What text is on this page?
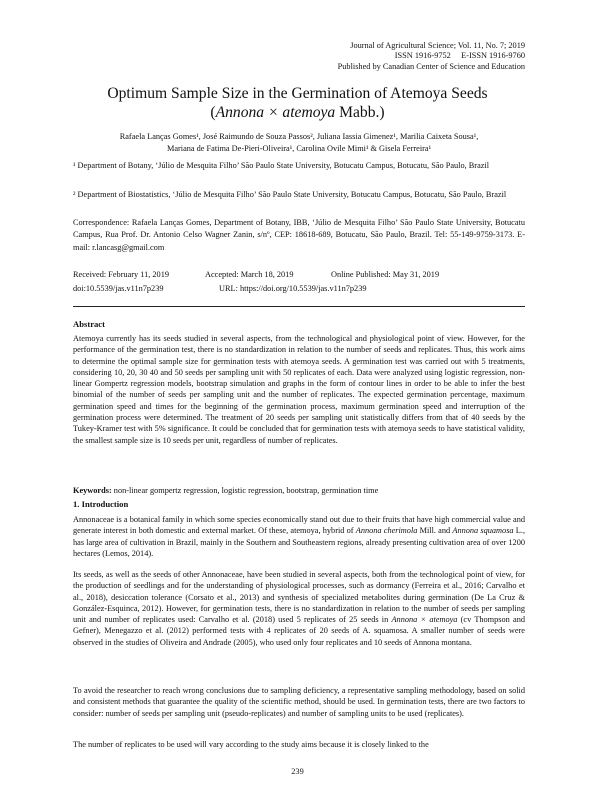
Journal of Agricultural Science; Vol. 11, No. 7; 2019
ISSN 1916-9752     E-ISSN 1916-9760
Published by Canadian Center of Science and Education
Optimum Sample Size in the Germination of Atemoya Seeds
(Annona × atemoya Mabb.)
Rafaela Lanças Gomes¹, José Raimundo de Souza Passos², Juliana Iassia Gimenez¹, Marilia Caixeta Sousa¹,
Mariana de Fatima De-Pieri-Oliveira¹, Carolina Ovile Mimi¹ & Gisela Ferreira¹
¹ Department of Botany, ‘Júlio de Mesquita Filho’ São Paulo State University, Botucatu Campus, Botucatu, São Paulo, Brazil
² Department of Biostatistics, ‘Júlio de Mesquita Filho’ São Paulo State University, Botucatu Campus, Botucatu, São Paulo, Brazil
Correspondence: Rafaela Lanças Gomes, Department of Botany, IBB, ‘Júlio de Mesquita Filho’ São Paulo State University, Botucatu Campus, Rua Prof. Dr. Antonio Celso Wagner Zanin, s/nº, CEP: 18618-689, Botucatu, São Paulo, Brazil. Tel: 55-149-9759-3173. E-mail: r.lancasg@gmail.com
Received: February 11, 2019	Accepted: March 18, 2019	Online Published: May 31, 2019
doi:10.5539/jas.v11n7p239	URL: https://doi.org/10.5539/jas.v11n7p239
Abstract
Atemoya currently has its seeds studied in several aspects, from the technological and physiological point of view. However, for the performance of the germination test, there is no standardization in relation to the number of seeds and replicates. Thus, this work aims to determine the optimal sample size for germination tests with atemoya seeds. A germination test was carried out with 5 treatments, considering 10, 20, 30 40 and 50 seeds per sampling unit with 50 replicates of each. Data were analyzed using logistic regression, non-linear Gompertz regression models, bootstrap simulation and graphs in the form of contour lines in order to be able to infer the best binomial of the number of seeds per sampling unit and the number of replicates. The expected germination percentage, maximum germination speed and times for the beginning of the germination process, maximum germination speed and interruption of the germination process were determined. The treatment of 20 seeds per sampling unit statistically differs from that of 40 seeds by the Tukey-Kramer test with 5% significance. It could be concluded that for germination tests with atemoya seeds to have statistical validity, the smallest sample size is 10 seeds per unit, regardless of number of replicates.
Keywords: non-linear gompertz regression, logistic regression, bootstrap, germination time
1. Introduction
Annonaceae is a botanical family in which some species economically stand out due to their fruits that have high commercial value and generate interest in both domestic and external market. Of these, atemoya, hybrid of Annona cherimola Mill. and Annona squamosa L., has large area of cultivation in Brazil, mainly in the Southern and Southeastern regions, already presenting cultivation area of over 1200 hectares (Lemos, 2014).
Its seeds, as well as the seeds of other Annonaceae, have been studied in several aspects, both from the technological point of view, for the production of seedlings and for the understanding of physiological processes, such as dormancy (Ferreira et al., 2016; Carvalho et al., 2018), desiccation tolerance (Corsato et al., 2013) and synthesis of specialized metabolites during germination (De La Cruz & González-Esquinca, 2012). However, for germination tests, there is no standardization in relation to the number of seeds per sampling unit and number of replicates used: Carvalho et al. (2018) used 5 replicates of 25 seeds in Annona × atemoya (cv Thompson and Gefner), Menegazzo et al. (2012) performed tests with 4 replicates of 20 seeds of A. squamosa. A smaller number of seeds were observed in the studies of Oliveira and Andrade (2005), who used only four replicates and 10 seeds of Annona montana.
To avoid the researcher to reach wrong conclusions due to sampling deficiency, a representative sampling methodology, based on solid and consistent methods that guarantee the quality of the scientific method, should be used. In germination tests, there are two factors to consider: number of seeds per sampling unit (pseudo-replicates) and number of sampling units to be used (replicates).
The number of replicates to be used will vary according to the study aims because it is closely linked to the
239
